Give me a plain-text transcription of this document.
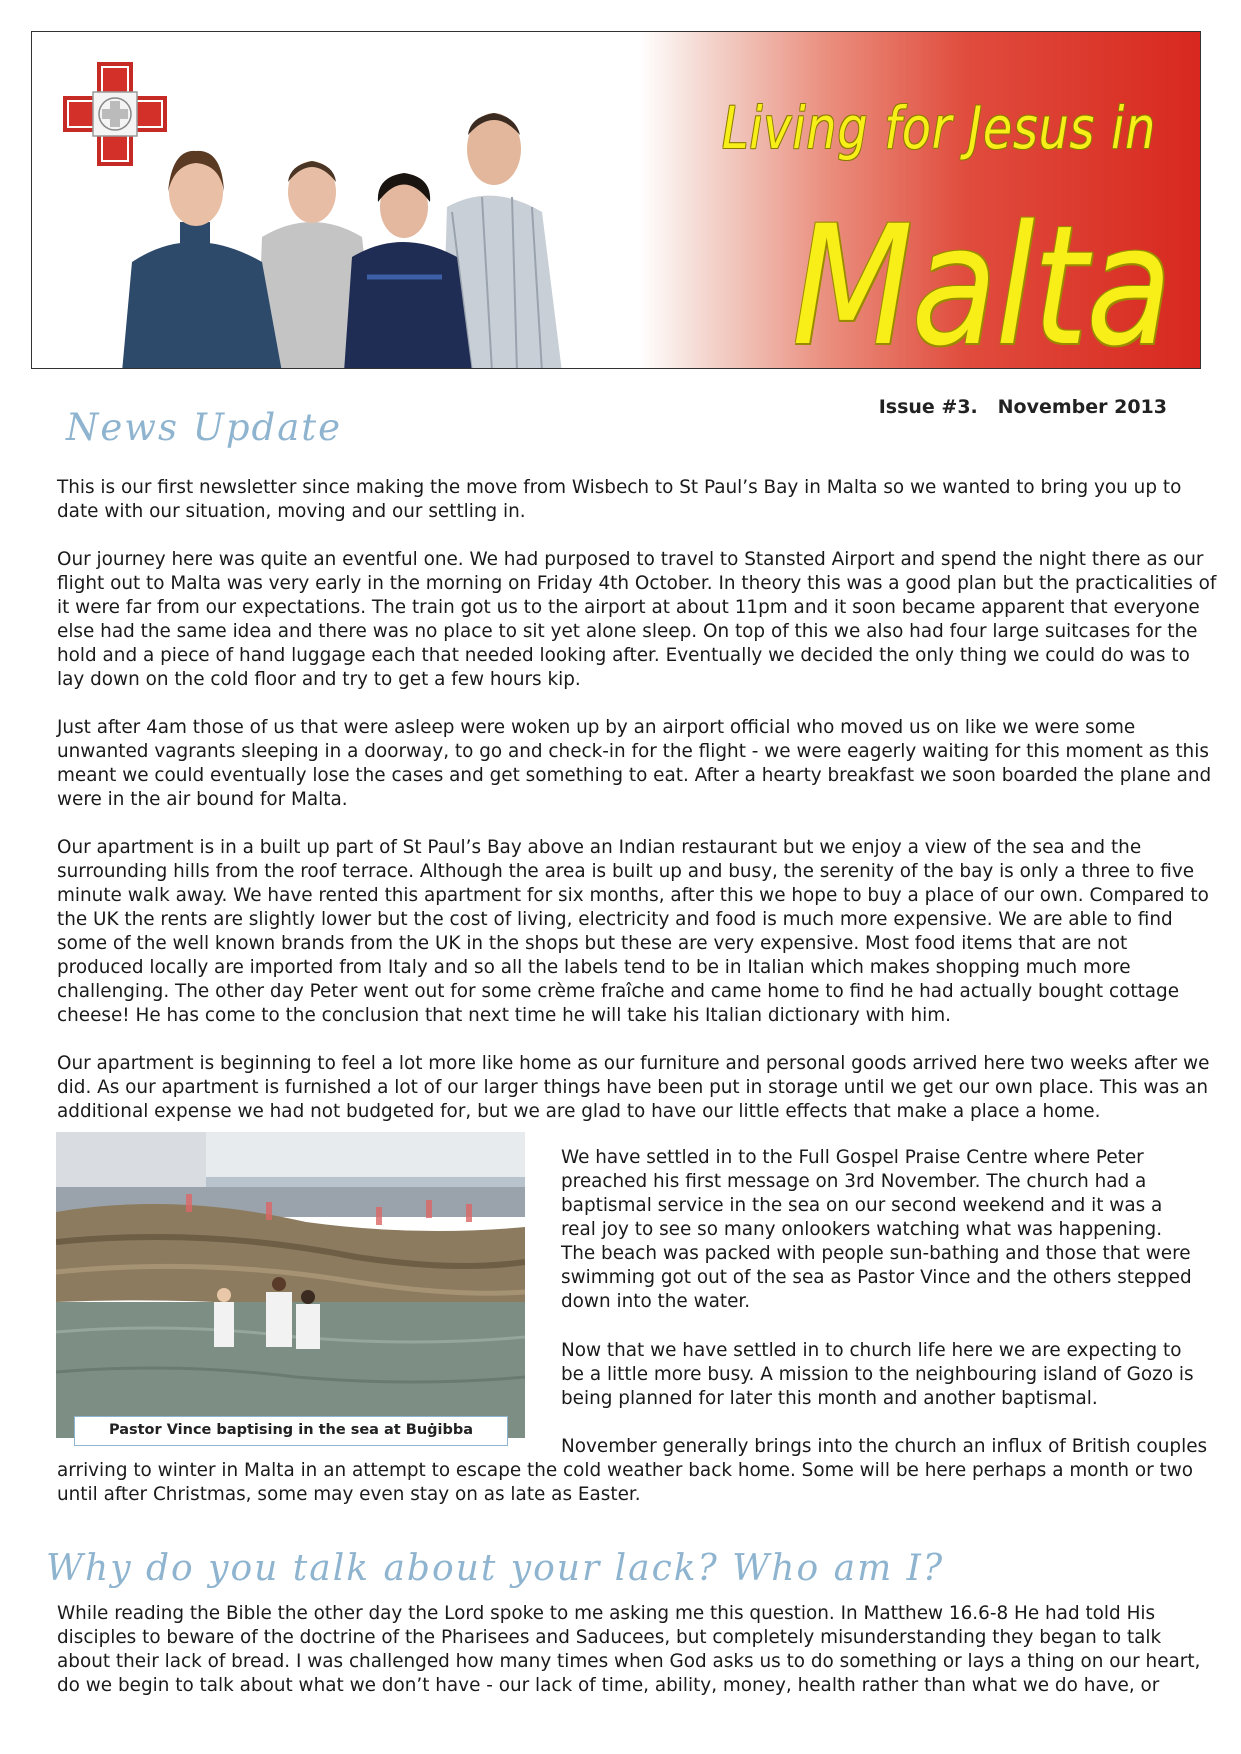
Living for Jesus in
Malta
Issue #3.   November 2013
News Update

This is our first newsletter since making the move from Wisbech to St Paul’s Bay in Malta so we wanted to bring you up to date with our situation, moving and our settling in.

Our journey here was quite an eventful one. We had purposed to travel to Stansted Airport and spend the night there as our flight out to Malta was very early in the morning on Friday 4th October. In theory this was a good plan but the practicalities of it were far from our expectations. The train got us to the airport at about 11pm and it soon became apparent that everyone else had the same idea and there was no place to sit yet alone sleep. On top of this we also had four large suitcases for the hold and a piece of hand luggage each that needed looking after. Eventually we decided the only thing we could do was to lay down on the cold floor and try to get a few hours kip.

Just after 4am those of us that were asleep were woken up by an airport official who moved us on like we were some unwanted vagrants sleeping in a doorway, to go and check-in for the flight - we were eagerly waiting for this moment as this meant we could eventually lose the cases and get something to eat. After a hearty breakfast we soon boarded the plane and were in the air bound for Malta.

Our apartment is in a built up part of St Paul’s Bay above an Indian restaurant but we enjoy a view of the sea and the surrounding hills from the roof terrace. Although the area is built up and busy, the serenity of the bay is only a three to five minute walk away. We have rented this apartment for six months, after this we hope to buy a place of our own. Compared to the UK the rents are slightly lower but the cost of living, electricity and food is much more expensive. We are able to find some of the well known brands from the UK in the shops but these are very expensive. Most food items that are not produced locally are imported from Italy and so all the labels tend to be in Italian which makes shopping much more challenging. The other day Peter went out for some crème fraîche and came home to find he had actually bought cottage cheese! He has come to the conclusion that next time he will take his Italian dictionary with him.

Our apartment is beginning to feel a lot more like home as our furniture and personal goods arrived here two weeks after we did. As our apartment is furnished a lot of our larger things have been put in storage until we get our own place. This was an additional expense we had not budgeted for, but we are glad to have our little effects that make a place a home.

Pastor Vince baptising in the sea at Buġibba

We have settled in to the Full Gospel Praise Centre where Peter preached his first message on 3rd November. The church had a baptismal service in the sea on our second weekend and it was a real joy to see so many onlookers watching what was happening. The beach was packed with people sun-bathing and those that were swimming got out of the sea as Pastor Vince and the others stepped down into the water.

Now that we have settled in to church life here we are expecting to be a little more busy. A mission to the neighbouring island of Gozo is being planned for later this month and another baptismal.

November generally brings into the church an influx of British couples arriving to winter in Malta in an attempt to escape the cold weather back home. Some will be here perhaps a month or two until after Christmas, some may even stay on as late as Easter.

Why do you talk about your lack? Who am I?

While reading the Bible the other day the Lord spoke to me asking me this question. In Matthew 16.6-8 He had told His disciples to beware of the doctrine of the Pharisees and Saducees, but completely misunderstanding they began to talk about their lack of bread. I was challenged how many times when God asks us to do something or lays a thing on our heart, do we begin to talk about what we don’t have - our lack of time, ability, money, health rather than what we do have, or
